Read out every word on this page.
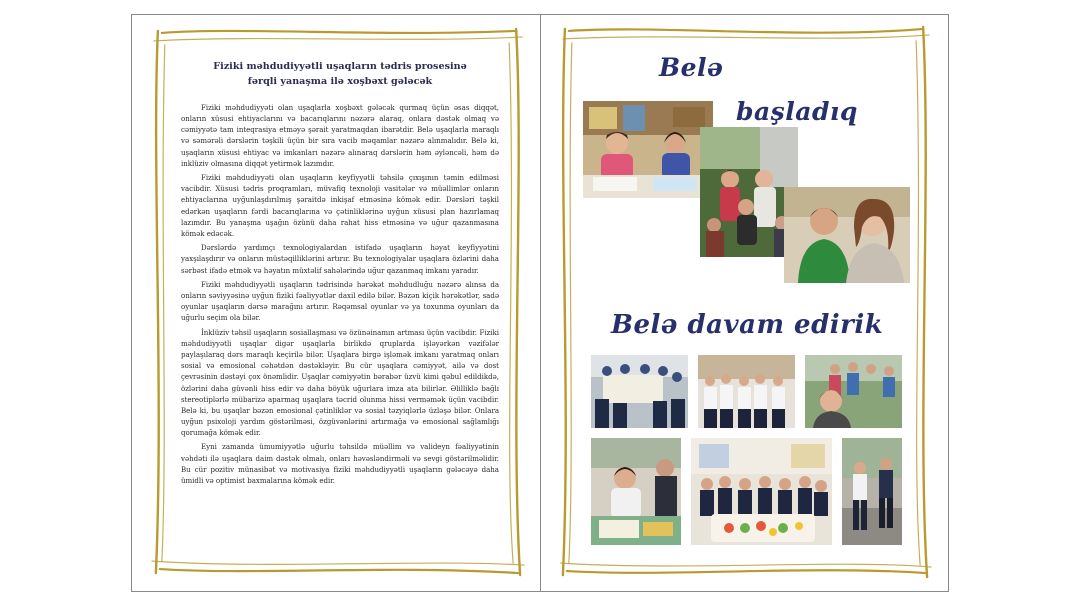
Fiziki məhdudiyyətli uşaqların tədris prosesinə
fərqli yanaşma ilə xoşbəxt gələcək

Fiziki məhdudiyyəti olan uşaqlarla xoşbəxt gələcək qurmaq üçün əsas diqqət, onların xüsusi ehtiyaclarını və bacarıqlarını nəzərə alaraq, onlara dəstək olmaq və cəmiyyətə tam inteqrasiya etməyə şərait yaratmaqdan ibarətdir. Belə uşaqlarla maraqlı və səmərəli dərslərin təşkili üçün bir sıra vacib məqamlar nəzərə alınmalıdır. Belə ki, uşaqların xüsusi ehtiyac və imkanları nəzərə alınaraq dərslərin həm əyləncəli, həm də inklüziv olmasına diqqət yetirmək lazımdır.

Fiziki məhdudiyyəti olan uşaqların keyfiyyətli təhsilə çıxışının təmin edilməsi vacibdir. Xüsusi tədris proqramları, müvafiq texnoloji vasitələr və müəllimlər onların ehtiyaclarına uyğunlaşdırılmış şəraitdə inkişaf etməsinə kömək edir. Dərsləri təşkil edərkən uşaqların fərdi bacarıqlarına və çətinliklərinə uyğun xüsusi plan hazırlamaq lazımdır. Bu yanaşma uşağın özünü daha rahat hiss etməsinə və uğur qazanmasına kömək edəcək.

Dərslərdə yardımçı texnologiyalardan istifadə uşaqların həyat keyfiyyətini yaxşılaşdırır və onların müstəqilliklərini artırır. Bu texnologiyalar uşaqlara özlərini daha sərbəst ifadə etmək və həyatın müxtəlif sahələrində uğur qazanmaq imkanı yaradır.

Fiziki məhdudiyyətli uşaqların tədrisində hərəkət məhdudluğu nəzərə alınsa da onların səviyyəsinə uyğun fiziki fəaliyyətlər daxil edilə bilər. Bəzən kiçik hərəkətlər, sadə oyunlar uşaqların dərsə marağını artırır. Rəqəmsal oyunlar və ya toxunma oyunları da uğurlu seçim ola bilər.

İnklüziv təhsil uşaqların sosiallaşması və özünəinamın artması üçün vacibdir. Fiziki məhdudiyyətli uşaqlar digər uşaqlarla birlikdə qruplarda işləyərkən vəzifələr paylaşılaraq dərs maraqlı keçirilə bilər. Uşaqlara birgə işləmək imkanı yaratmaq onları sosial və emosional cəhətdən dəstəkləyir. Bu cür uşaqlara cəmiyyət, ailə və dost çevrəsinin dəstəyi çox önəmlidir. Uşaqlar cəmiyyətin bərabər üzvü kimi qəbul edildikdə, özlərini daha güvənli hiss edir və daha böyük uğurlara imza ata bilirlər. Əlilliklə bağlı stereotiplərlə mübarizə aparmaq uşaqlara təcrid olunma hissi verməmək üçün vacibdir. Belə ki, bu uşaqlar bəzən emosional çətinliklər və sosial təzyiqlərlə üzləşə bilər. Onlara uyğun psixoloji yardım göstərilməsi, özgüvənlərini artırmağa və emosional sağlamlığı qorumağa kömək edir.

Eyni zamanda ümumiyyətlə uğurlu təhsildə müəllim və valideyn fəaliyyətinin vəhdəti ilə uşaqlara daim dəstək olmalı, onları həvəsləndirməli və sevgi göstərilməlidir. Bu cür pozitiv münasibət və motivasiya fiziki məhdudiyyətli uşaqların gələcəyə daha ümidli və optimist baxmalarına kömək edir.

Belə
başladıq
Belə davam edirik
